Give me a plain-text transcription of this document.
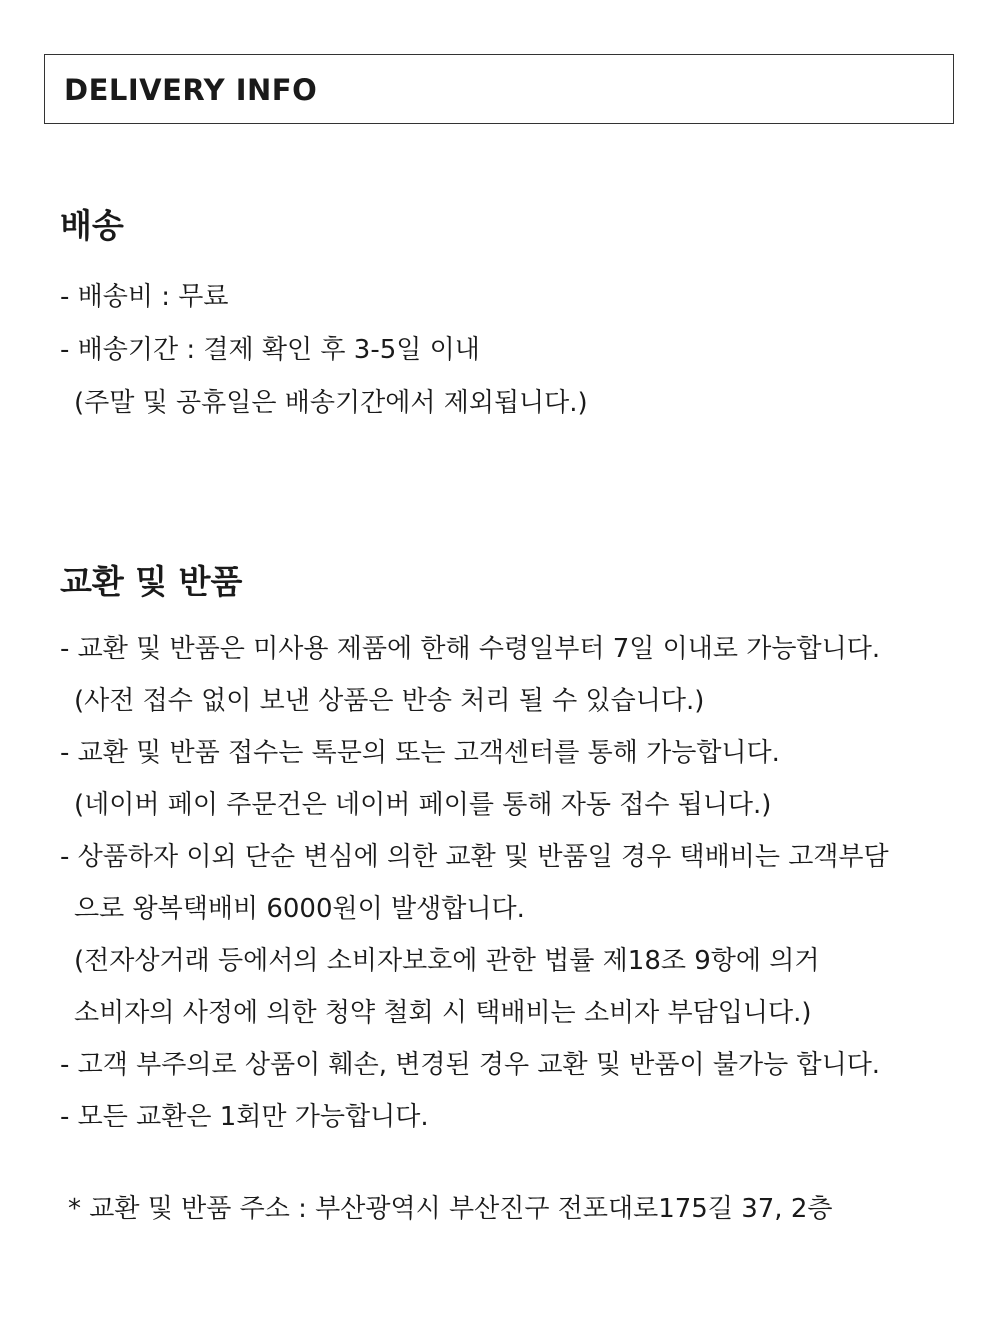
DELIVERY INFO
배송
- 배송비 : 무료
- 배송기간 : 결제 확인 후 3-5일 이내
(주말 및 공휴일은 배송기간에서 제외됩니다.)
교환 및 반품
- 교환 및 반품은 미사용 제품에 한해 수령일부터 7일 이내로 가능합니다.
(사전 접수 없이 보낸 상품은 반송 처리 될 수 있습니다.)
- 교환 및 반품 접수는 톡문의 또는 고객센터를 통해 가능합니다.
(네이버 페이 주문건은 네이버 페이를 통해 자동 접수 됩니다.)
- 상품하자 이외 단순 변심에 의한 교환 및 반품일 경우 택배비는 고객부담
으로 왕복택배비 6000원이 발생합니다.
(전자상거래 등에서의 소비자보호에 관한 법률 제18조 9항에 의거
소비자의 사정에 의한 청약 철회 시 택배비는 소비자 부담입니다.)
- 고객 부주의로 상품이 훼손, 변경된 경우 교환 및 반품이 불가능 합니다.
- 모든 교환은 1회만 가능합니다.
* 교환 및 반품 주소 : 부산광역시 부산진구 전포대로175길 37, 2층
